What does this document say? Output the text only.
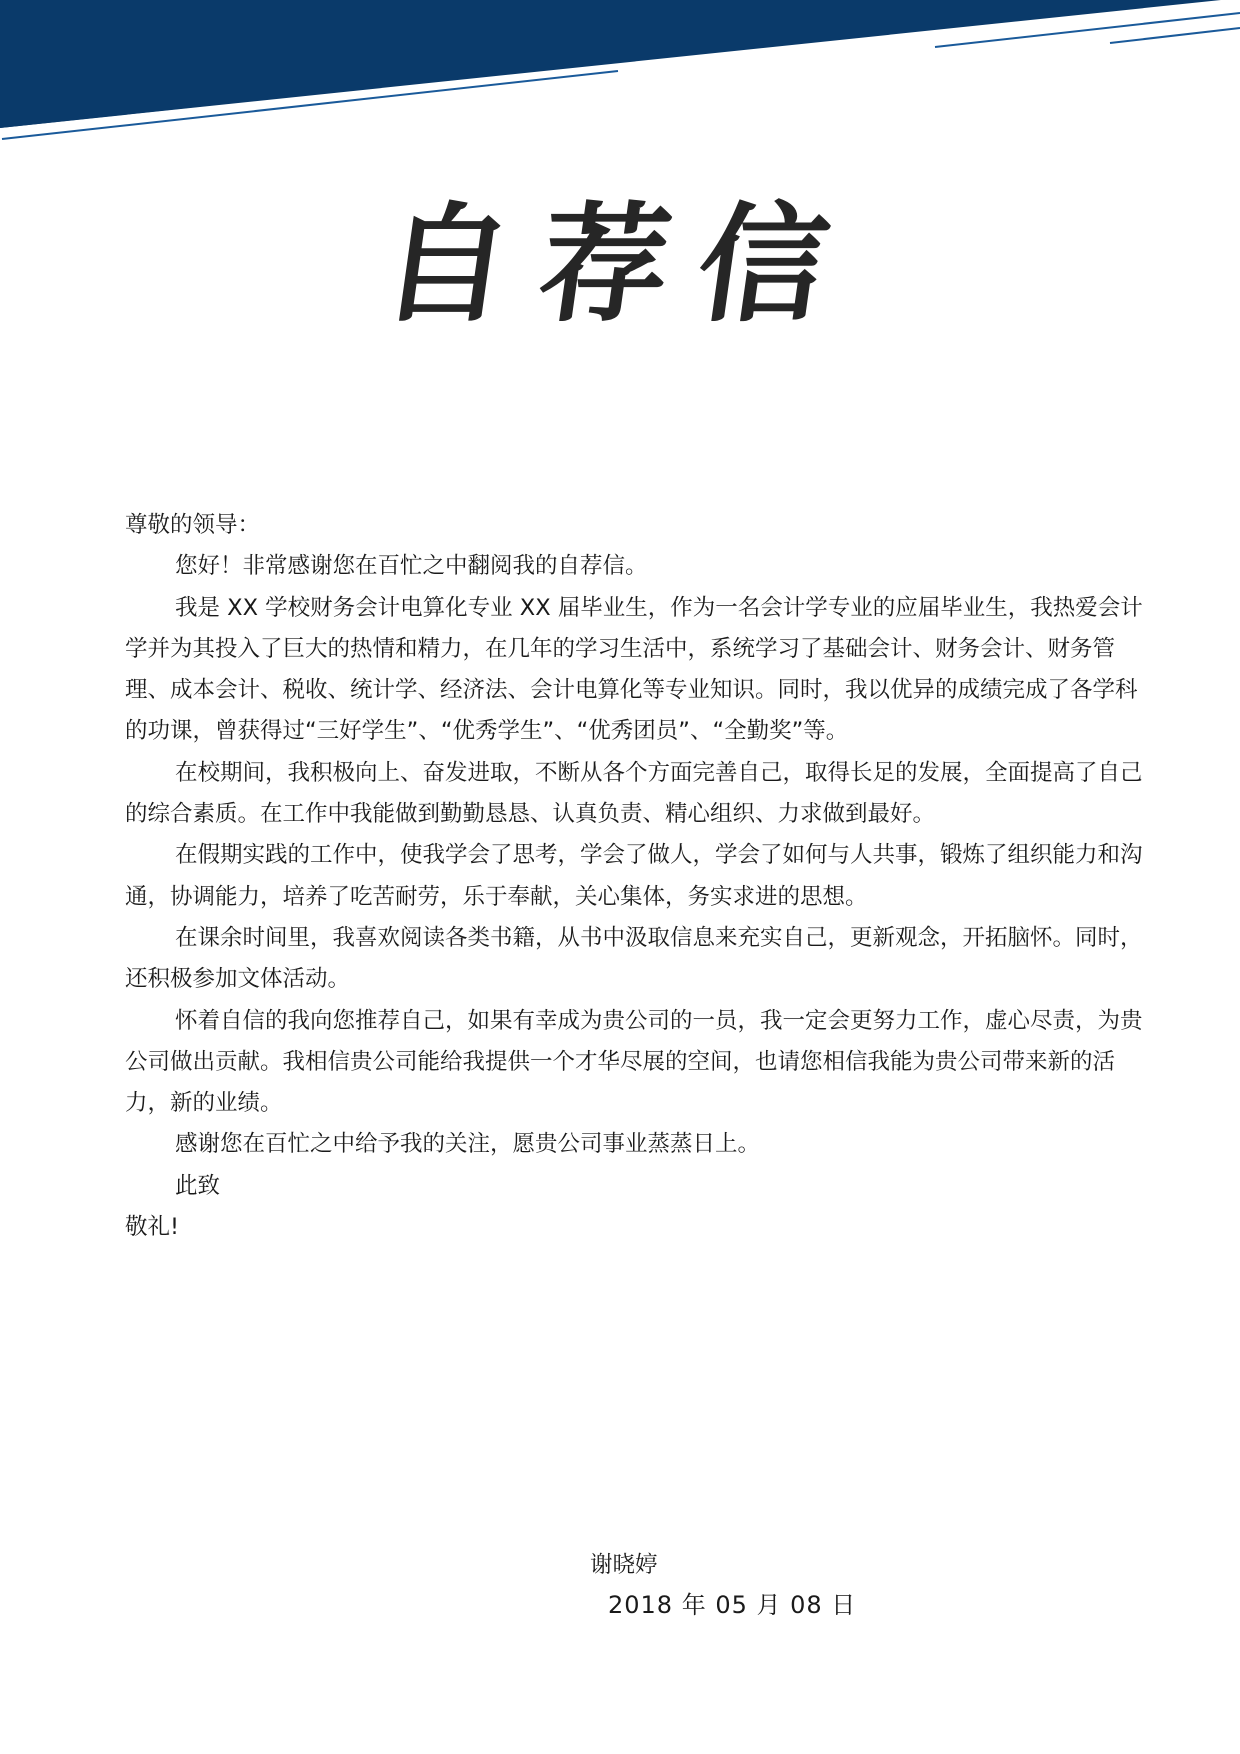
自荐信

尊敬的领导：

您好！非常感谢您在百忙之中翻阅我的自荐信。

我是 XX 学校财务会计电算化专业 XX 届毕业生，作为一名会计学专业的应届毕业生，我热爱会计学并为其投入了巨大的热情和精力，在几年的学习生活中，系统学习了基础会计、财务会计、财务管理、成本会计、税收、统计学、经济法、会计电算化等专业知识。同时，我以优异的成绩完成了各学科的功课，曾获得过“三好学生”、“优秀学生”、“优秀团员”、“全勤奖”等。

在校期间，我积极向上、奋发进取，不断从各个方面完善自己，取得长足的发展，全面提高了自己的综合素质。在工作中我能做到勤勤恳恳、认真负责、精心组织、力求做到最好。

在假期实践的工作中，使我学会了思考，学会了做人，学会了如何与人共事，锻炼了组织能力和沟通，协调能力，培养了吃苦耐劳，乐于奉献，关心集体，务实求进的思想。

在课余时间里，我喜欢阅读各类书籍，从书中汲取信息来充实自己，更新观念，开拓脑怀。同时，还积极参加文体活动。

怀着自信的我向您推荐自己，如果有幸成为贵公司的一员，我一定会更努力工作，虚心尽责，为贵公司做出贡献。我相信贵公司能给我提供一个才华尽展的空间，也请您相信我能为贵公司带来新的活力，新的业绩。

感谢您在百忙之中给予我的关注，愿贵公司事业蒸蒸日上。

此致

敬礼!

谢晓婷
2018 年 05 月 08 日
